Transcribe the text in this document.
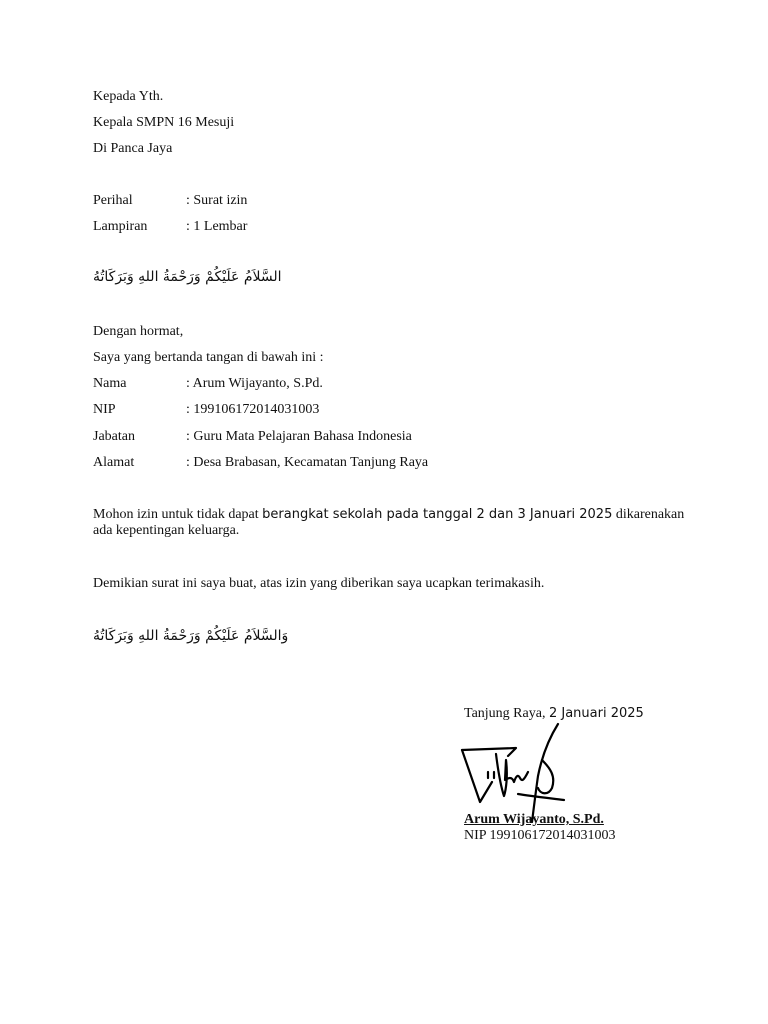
Kepada Yth.
Kepala SMPN 16 Mesuji
Di Panca Jaya
Perihal	: Surat izin
Lampiran	: 1 Lembar
السَّلاَمُ عَلَيْكُمْ وَرَحْمَةُ اللهِ وَبَرَكَاتُهُ
Dengan hormat,
Saya yang bertanda tangan di bawah ini :
Nama	: Arum Wijayanto, S.Pd.
NIP	: 199106172014031003
Jabatan	: Guru Mata Pelajaran Bahasa Indonesia
Alamat	: Desa Brabasan, Kecamatan Tanjung Raya
Mohon izin untuk tidak dapat berangkat sekolah pada tanggal 2 dan 3 Januari 2025 dikarenakan ada kepentingan keluarga.
Demikian surat ini saya buat, atas izin yang diberikan saya ucapkan terimakasih.
وَالسَّلاَمُ عَلَيْكُمْ وَرَحْمَةُ اللهِ وَبَرَكَاتُهُ
Tanjung Raya, 2 Januari 2025
Arum Wijayanto, S.Pd.
NIP 199106172014031003
